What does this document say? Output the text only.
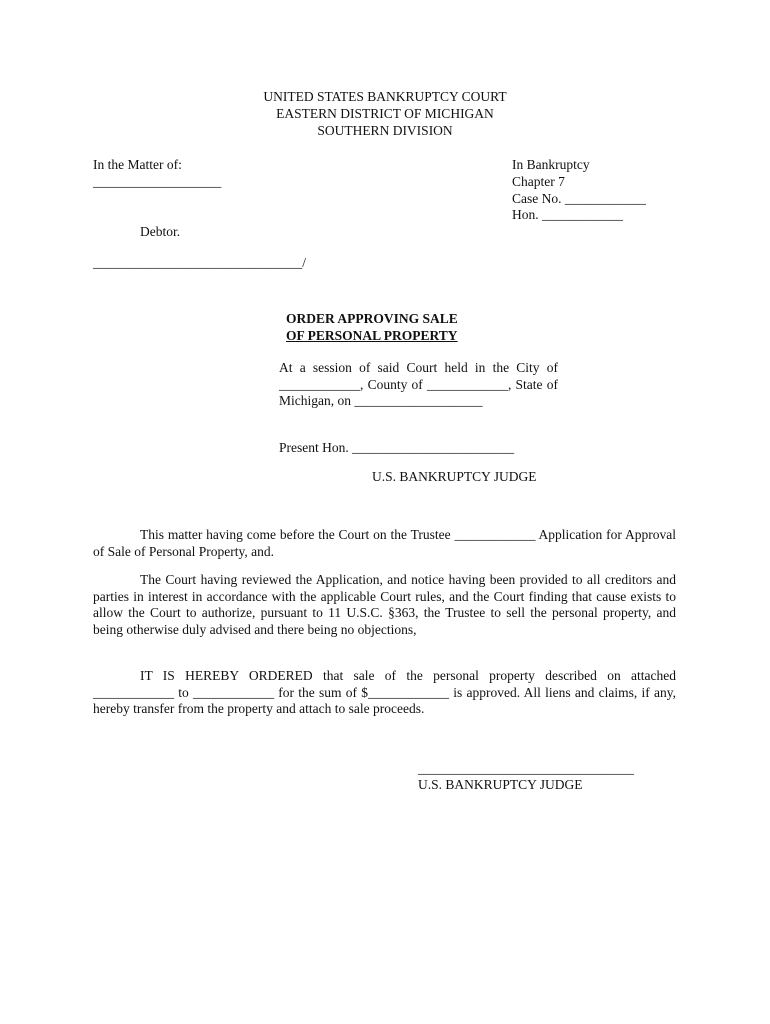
UNITED STATES BANKRUPTCY COURT
EASTERN DISTRICT OF MICHIGAN
SOUTHERN DIVISION
In the Matter of:
___________________
Debtor.
_______________________________/
In Bankruptcy
Chapter 7
Case No. ____________
Hon. ____________
ORDER APPROVING SALE
OF PERSONAL PROPERTY
At a session of said Court held in the City of ____________, County of ____________, State of Michigan, on ___________________
Present Hon. ________________________
U.S. BANKRUPTCY JUDGE
This matter having come before the Court on the Trustee ____________ Application for Approval of Sale of Personal Property, and.
The Court having reviewed the Application, and notice having been provided to all creditors and parties in interest in accordance with the applicable Court rules, and the Court finding that cause exists to allow the Court to authorize, pursuant to 11 U.S.C. §363, the Trustee to sell the personal property, and being otherwise duly advised and there being no objections,
IT IS HEREBY ORDERED that sale of the personal property described on attached ____________ to ____________ for the sum of $____________ is approved. All liens and claims, if any, hereby transfer from the property and attach to sale proceeds.
________________________________
U.S. BANKRUPTCY JUDGE
